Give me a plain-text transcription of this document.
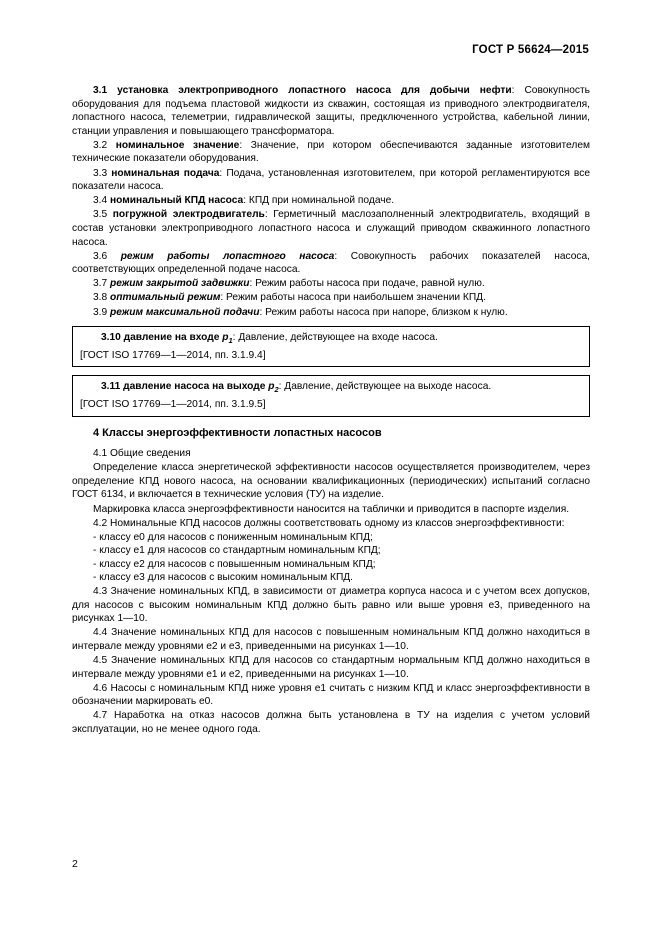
ГОСТ Р 56624—2015

3.1 установка электроприводного лопастного насоса для добычи нефти: Совокупность оборудования для подъема пластовой жидкости из скважин, состоящая из приводного электродвигателя, лопастного насоса, телеметрии, гидравлической защиты, предключенного устройства, кабельной линии, станции управления и повышающего трансформатора.

3.2 номинальное значение: Значение, при котором обеспечиваются заданные изготовителем технические показатели оборудования.

3.3 номинальная подача: Подача, установленная изготовителем, при которой регламентируются все показатели насоса.

3.4 номинальный КПД насоса: КПД при номинальной подаче.

3.5 погружной электродвигатель: Герметичный маслозаполненный электродвигатель, входящий в состав установки электроприводного лопастного насоса и служащий приводом скважинного лопастного насоса.

3.6 режим работы лопастного насоса: Совокупность рабочих показателей насоса, соответствующих определенной подаче насоса.

3.7 режим закрытой задвижки: Режим работы насоса при подаче, равной нулю.

3.8 оптимальный режим: Режим работы насоса при наибольшем значении КПД.

3.9 режим максимальной подачи: Режим работы насоса при напоре, близком к нулю.

3.10 давление на входе $p_1$: Давление, действующее на входе насоса.

[ГОСТ ISO 17769—1—2014, пп. 3.1.9.4]

3.11 давление насоса на выходе $p_2$: Давление, действующее на выходе насоса.

[ГОСТ ISO 17769—1—2014, пп. 3.1.9.5]

4 Классы энергоэффективности лопастных насосов

4.1 Общие сведения

Определение класса энергетической эффективности насосов осуществляется производителем, через определение КПД нового насоса, на основании квалификационных (периодических) испытаний согласно ГОСТ 6134, и включается в технические условия (ТУ) на изделие.

Маркировка класса энергоэффективности наносится на таблички и приводится в паспорте изделия.

4.2 Номинальные КПД насосов должны соответствовать одному из классов энергоэффективности:

- классу е0 для насосов с пониженным номинальным КПД;

- классу е1 для насосов со стандартным номинальным КПД;

- классу е2 для насосов с повышенным номинальным КПД;

- классу е3 для насосов с высоким номинальным КПД.

4.3 Значение номинальных КПД, в зависимости от диаметра корпуса насоса и с учетом всех допусков, для насосов с высоким номинальным КПД должно быть равно или выше уровня е3, приведенного на рисунках 1—10.

4.4 Значение номинальных КПД для насосов с повышенным номинальным КПД должно находиться в интервале между уровнями е2 и е3, приведенными на рисунках 1—10.

4.5 Значение номинальных КПД для насосов со стандартным нормальным КПД должно находиться в интервале между уровнями е1 и е2, приведенными на рисунках 1—10.

4.6 Насосы с номинальным КПД ниже уровня е1 считать с низким КПД и класс энергоэффективности в обозначении маркировать е0.

4.7 Наработка на отказ насосов должна быть установлена в ТУ на изделия с учетом условий эксплуатации, но не менее одного года.

2
